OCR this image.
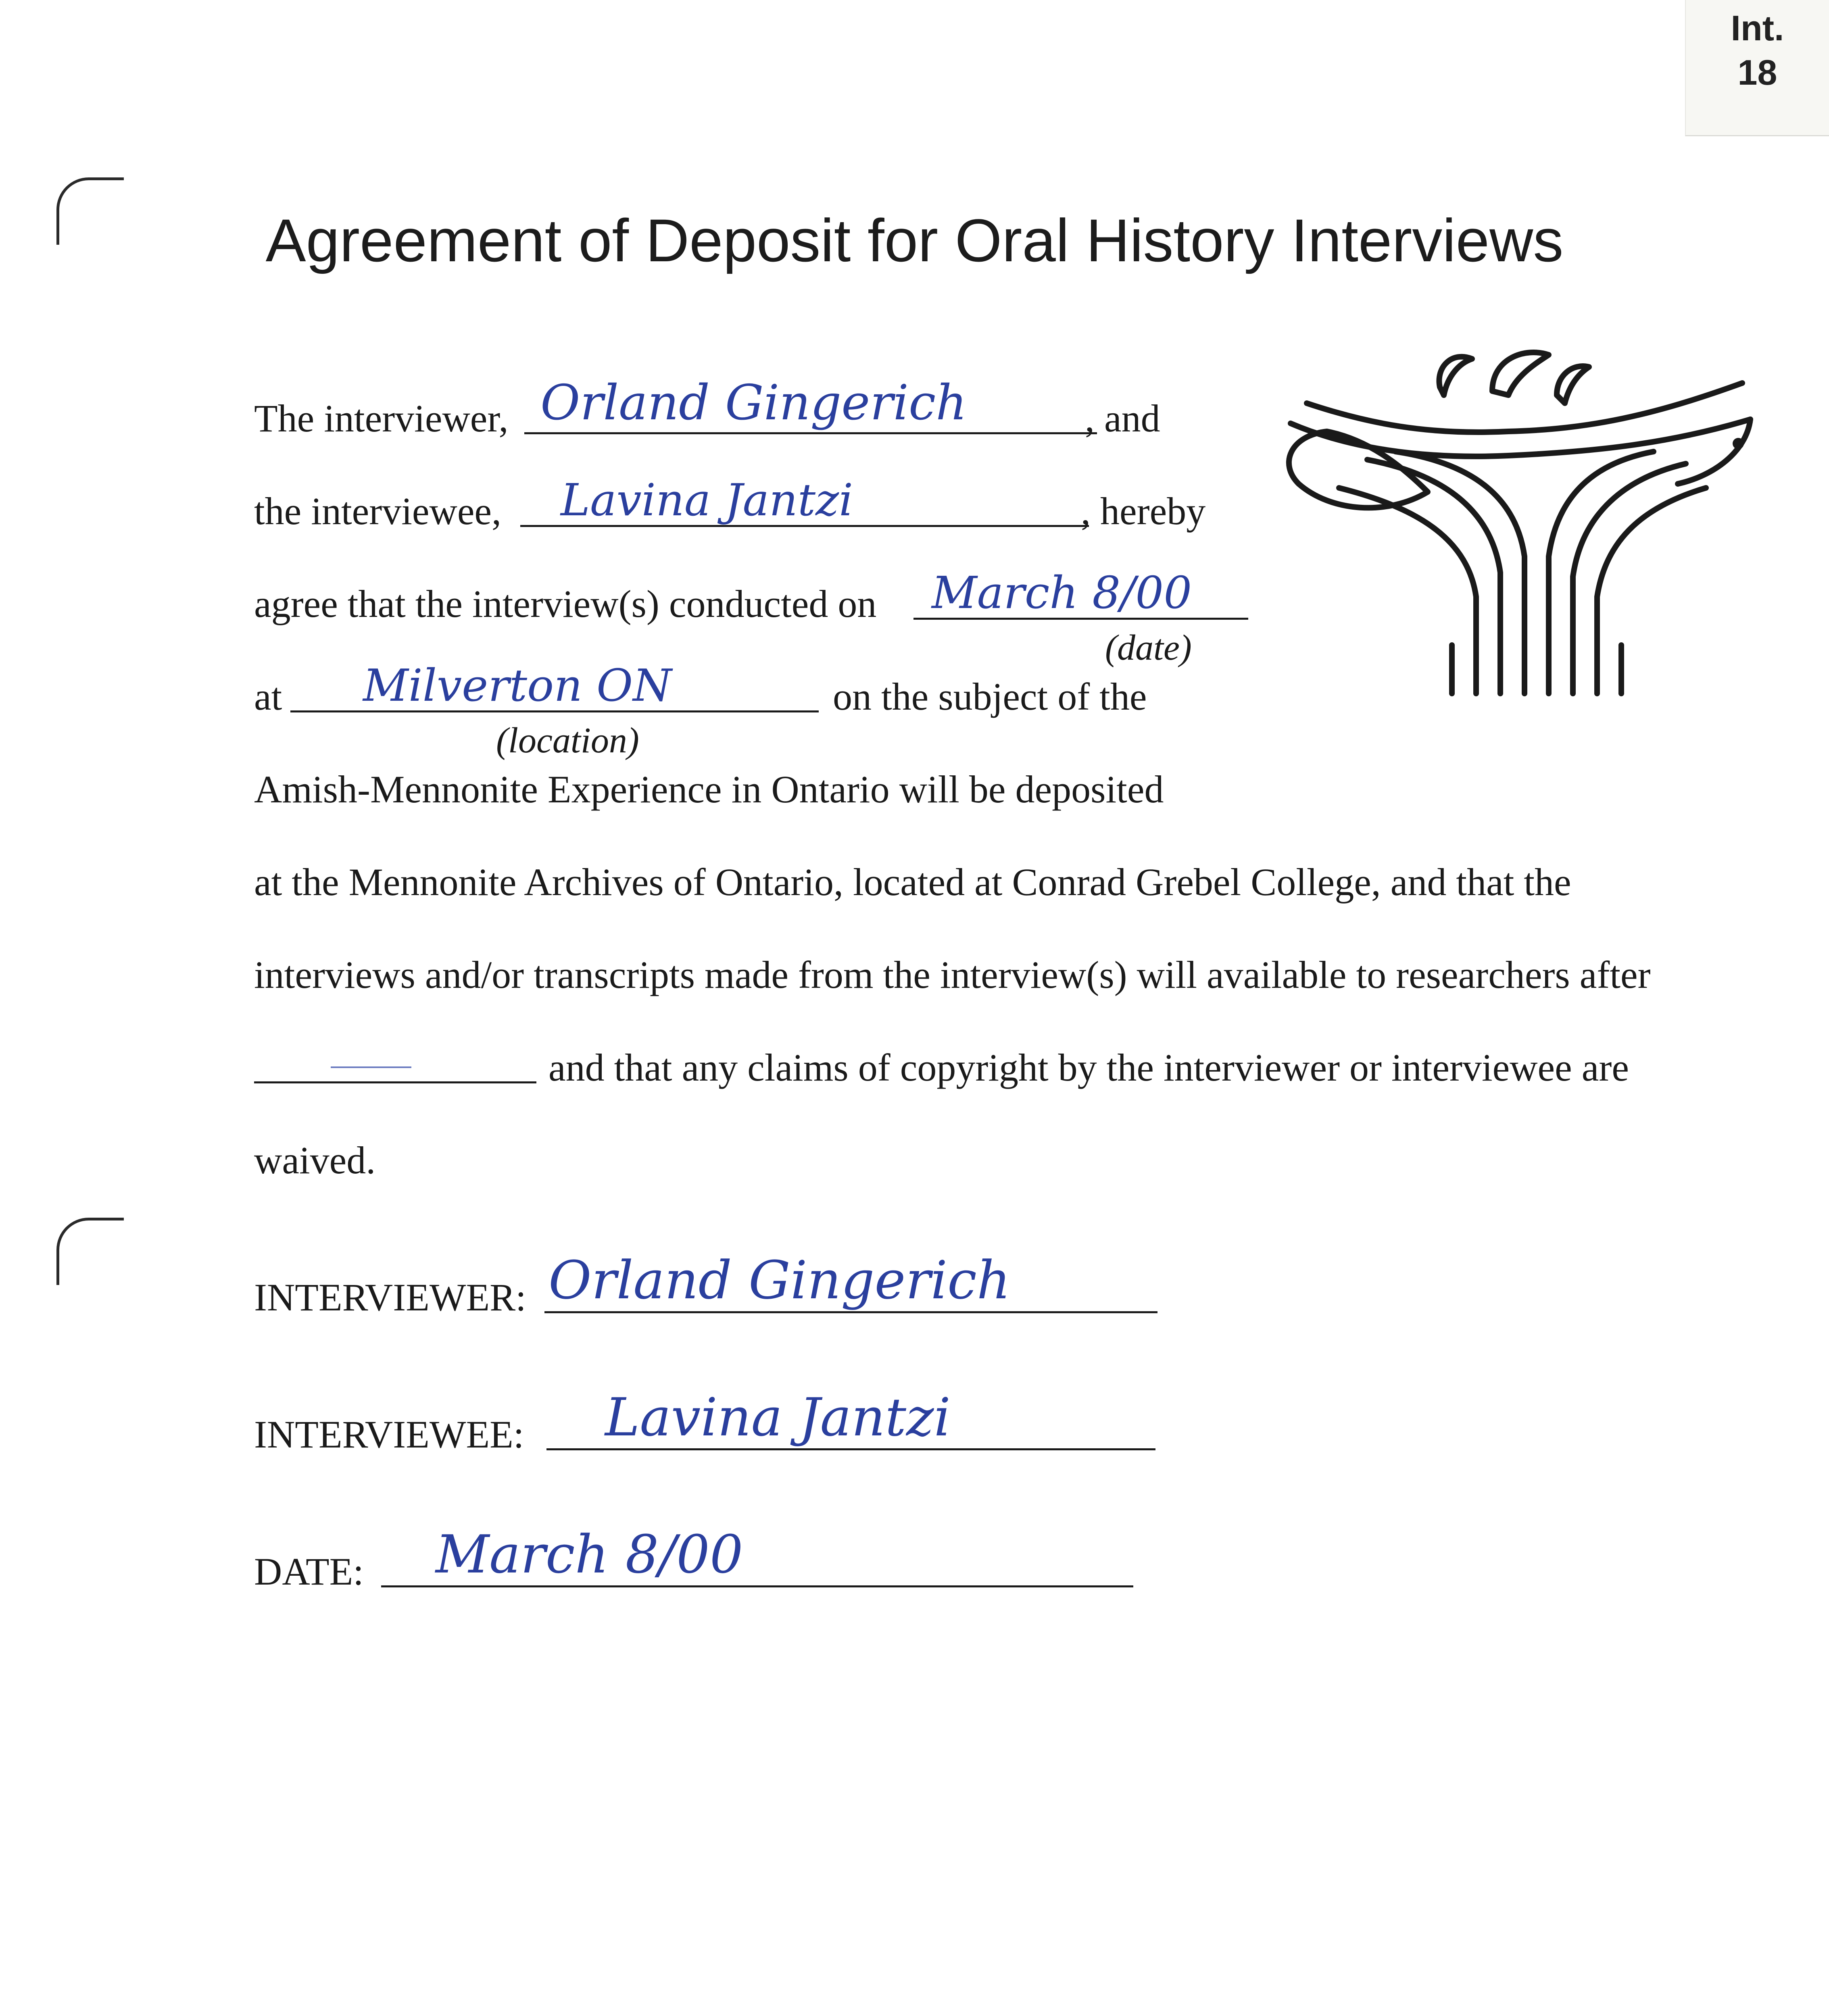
Int.
18
Agreement of Deposit for Oral History Interviews
The interviewer, Orland Gingerich	, and
the interviewee, Lavina Jantzi	, hereby
agree that the interview(s) conducted on March 8/00
(date)
at Milverton ON	on the subject of the
(location)
Amish-Mennonite Experience in Ontario will be deposited
at the Mennonite Archives of Ontario, located at Conrad Grebel College, and that the
interviews and/or transcripts made from the interview(s) will available to researchers after
and that any claims of copyright by the interviewer or interviewee are
waived.
INTERVIEWER: Orland Gingerich
INTERVIEWEE: Lavina Jantzi
DATE: March 8/00
